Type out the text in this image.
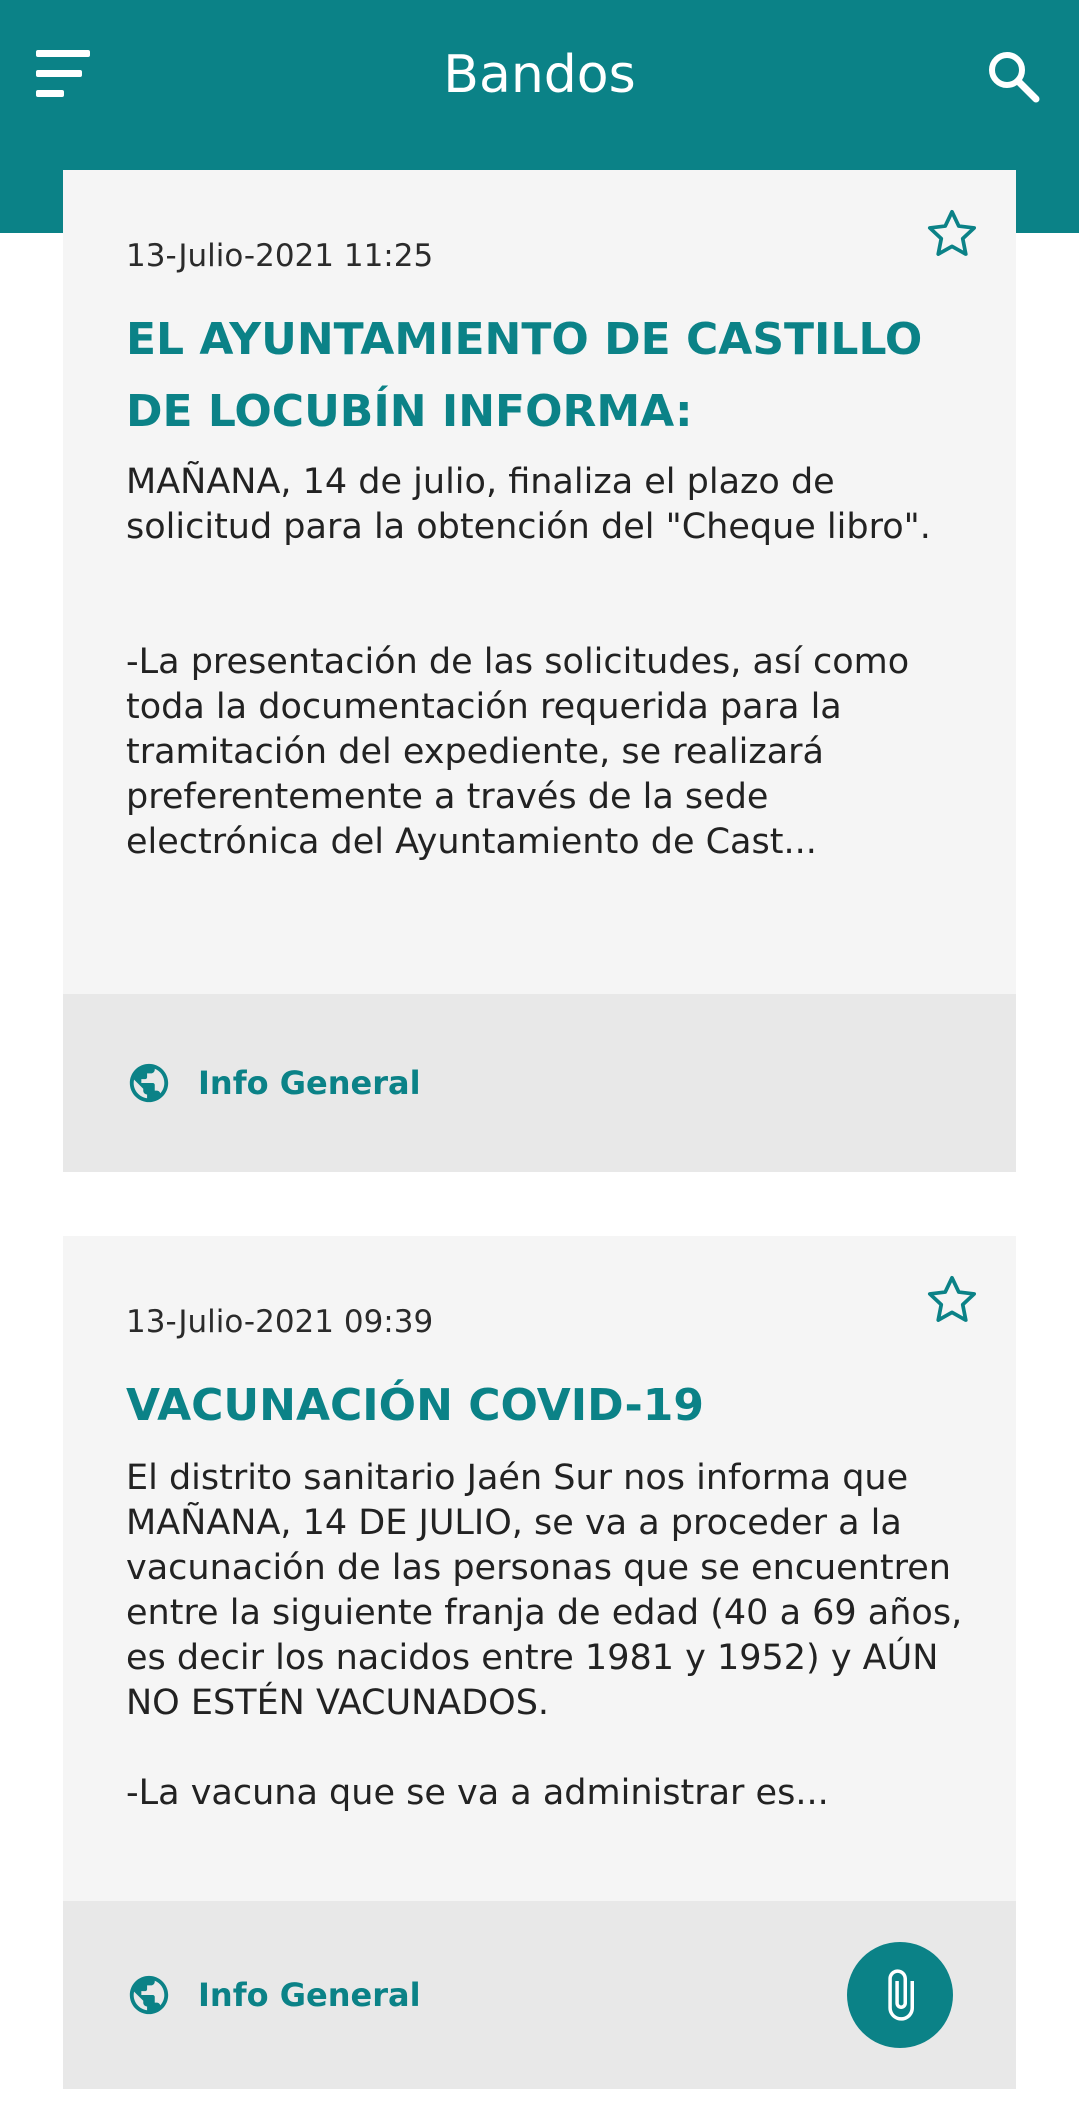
Bandos
13-Julio-2021 11:25
EL AYUNTAMIENTO DE CASTILLO DE LOCUBÍN INFORMA:
MAÑANA, 14 de julio, finaliza el plazo de solicitud para la obtención del "Cheque libro".

-La presentación de las solicitudes, así como toda la documentación requerida para la tramitación del expediente, se realizará preferentemente a través de la sede electrónica del Ayuntamiento de Cast...
Info General
13-Julio-2021 09:39
VACUNACIÓN COVID-19
El distrito sanitario Jaén Sur nos informa que MAÑANA, 14 DE JULIO, se va a proceder a la vacunación de las personas que se encuentren entre la siguiente franja de edad (40 a 69 años, es decir los nacidos entre 1981 y 1952) y AÚN NO ESTÉN VACUNADOS.

-La vacuna que se va a administrar es...
Info General
